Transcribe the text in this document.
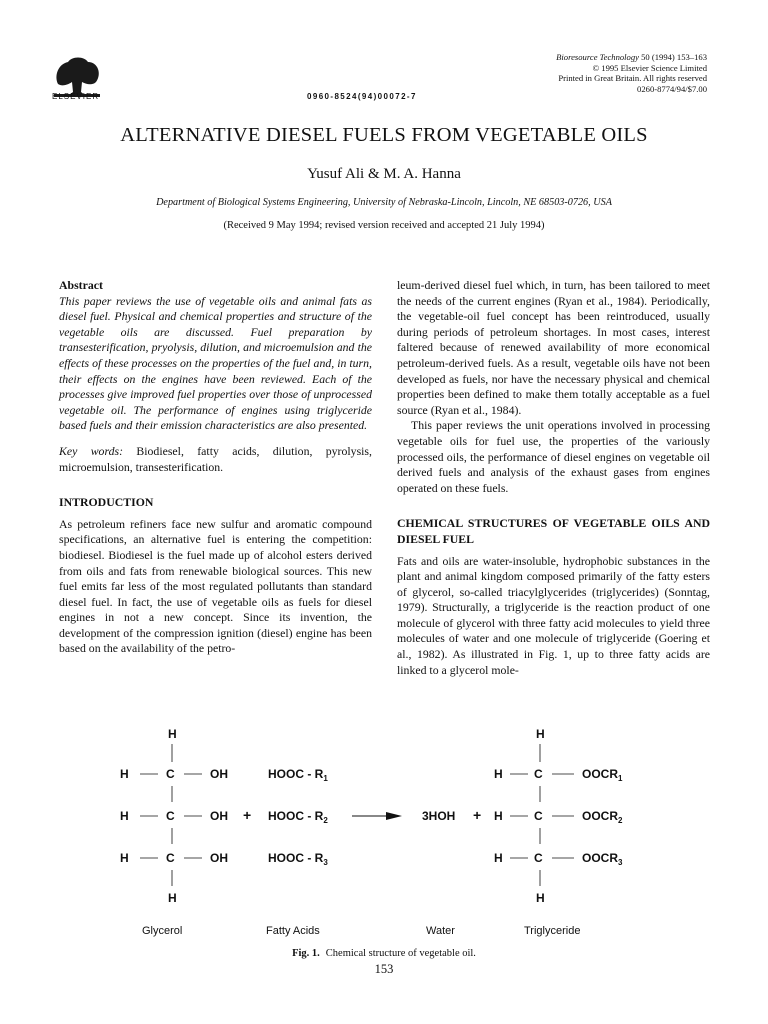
ELSEVIER	0960-8524(94)00072-7
Bioresource Technology 50 (1994) 153–163
© 1995 Elsevier Science Limited
Printed in Great Britain. All rights reserved
0260-8774/94/$7.00
ALTERNATIVE DIESEL FUELS FROM VEGETABLE OILS
Yusuf Ali & M. A. Hanna
Department of Biological Systems Engineering, University of Nebraska-Lincoln, Lincoln, NE 68503-0726, USA
(Received 9 May 1994; revised version received and accepted 21 July 1994)

Abstract

This paper reviews the use of vegetable oils and animal fats as diesel fuel. Physical and chemical properties and structure of the vegetable oils are discussed. Fuel preparation by transesterification, pryolysis, dilution, and microemulsion and the effects of these processes on the properties of the fuel and, in turn, their effects on the engines have been reviewed. Each of the processes give improved fuel properties over those of unprocessed vegetable oil. The performance of engines using triglyceride based fuels and their emission characteristics are also presented.

Key words: Biodiesel, fatty acids, dilution, pyrolysis, microemulsion, transesterification.

INTRODUCTION

As petroleum refiners face new sulfur and aromatic compound specifications, an alternative fuel is entering the competition: biodiesel. Biodiesel is the fuel made up of alcohol esters derived from oils and fats from renewable biological sources. This new fuel emits far less of the most regulated pollutants than standard diesel fuel. In fact, the use of vegetable oils as fuels for diesel engines in not a new concept. Since its invention, the development of the compression ignition (diesel) engine has been based on the availability of the petro-

leum-derived diesel fuel which, in turn, has been tailored to meet the needs of the current engines (Ryan et al., 1984). Periodically, the vegetable-oil fuel concept has been reintroduced, usually during periods of petroleum shortages. In most cases, interest faltered because of renewed availability of more economical petroleum-derived fuels. As a result, vegetable oils have not been developed as fuels, nor have the necessary physical and chemical properties been defined to make them totally acceptable as a fuel source (Ryan et al., 1984).

This paper reviews the unit operations involved in processing vegetable oils for fuel use, the properties of the variously processed oils, the performance of diesel engines on vegetable oil derived fuels and analysis of the exhaust gases from engines operated on these fuels.

CHEMICAL STRUCTURES OF VEGETABLE OILS AND DIESEL FUEL

Fats and oils are water-insoluble, hydrophobic substances in the plant and animal kingdom composed primarily of the fatty esters of glycerol, so-called triacylglycerides (triglycerides) (Sonntag, 1979). Structurally, a triglyceride is the reaction product of one molecule of glycerol with three fatty acid molecules to yield three molecules of water and one molecule of triglyceride (Goering et al., 1982). As illustrated in Fig. 1, up to three fatty acids are linked to a glycerol mole-

H
H	C	OH
H	C	OH
H	C	OH
H
+
HOOC - $R_1$
HOOC - $R_2$
HOOC - $R_3$
3HOH +
H
H	C	$OOCR_1$
H	C	$OOCR_2$
H	C	$OOCR_3$
H
Glycerol	Fatty Acids	Water	Triglyceride
Fig. 1. Chemical structure of vegetable oil.
153
